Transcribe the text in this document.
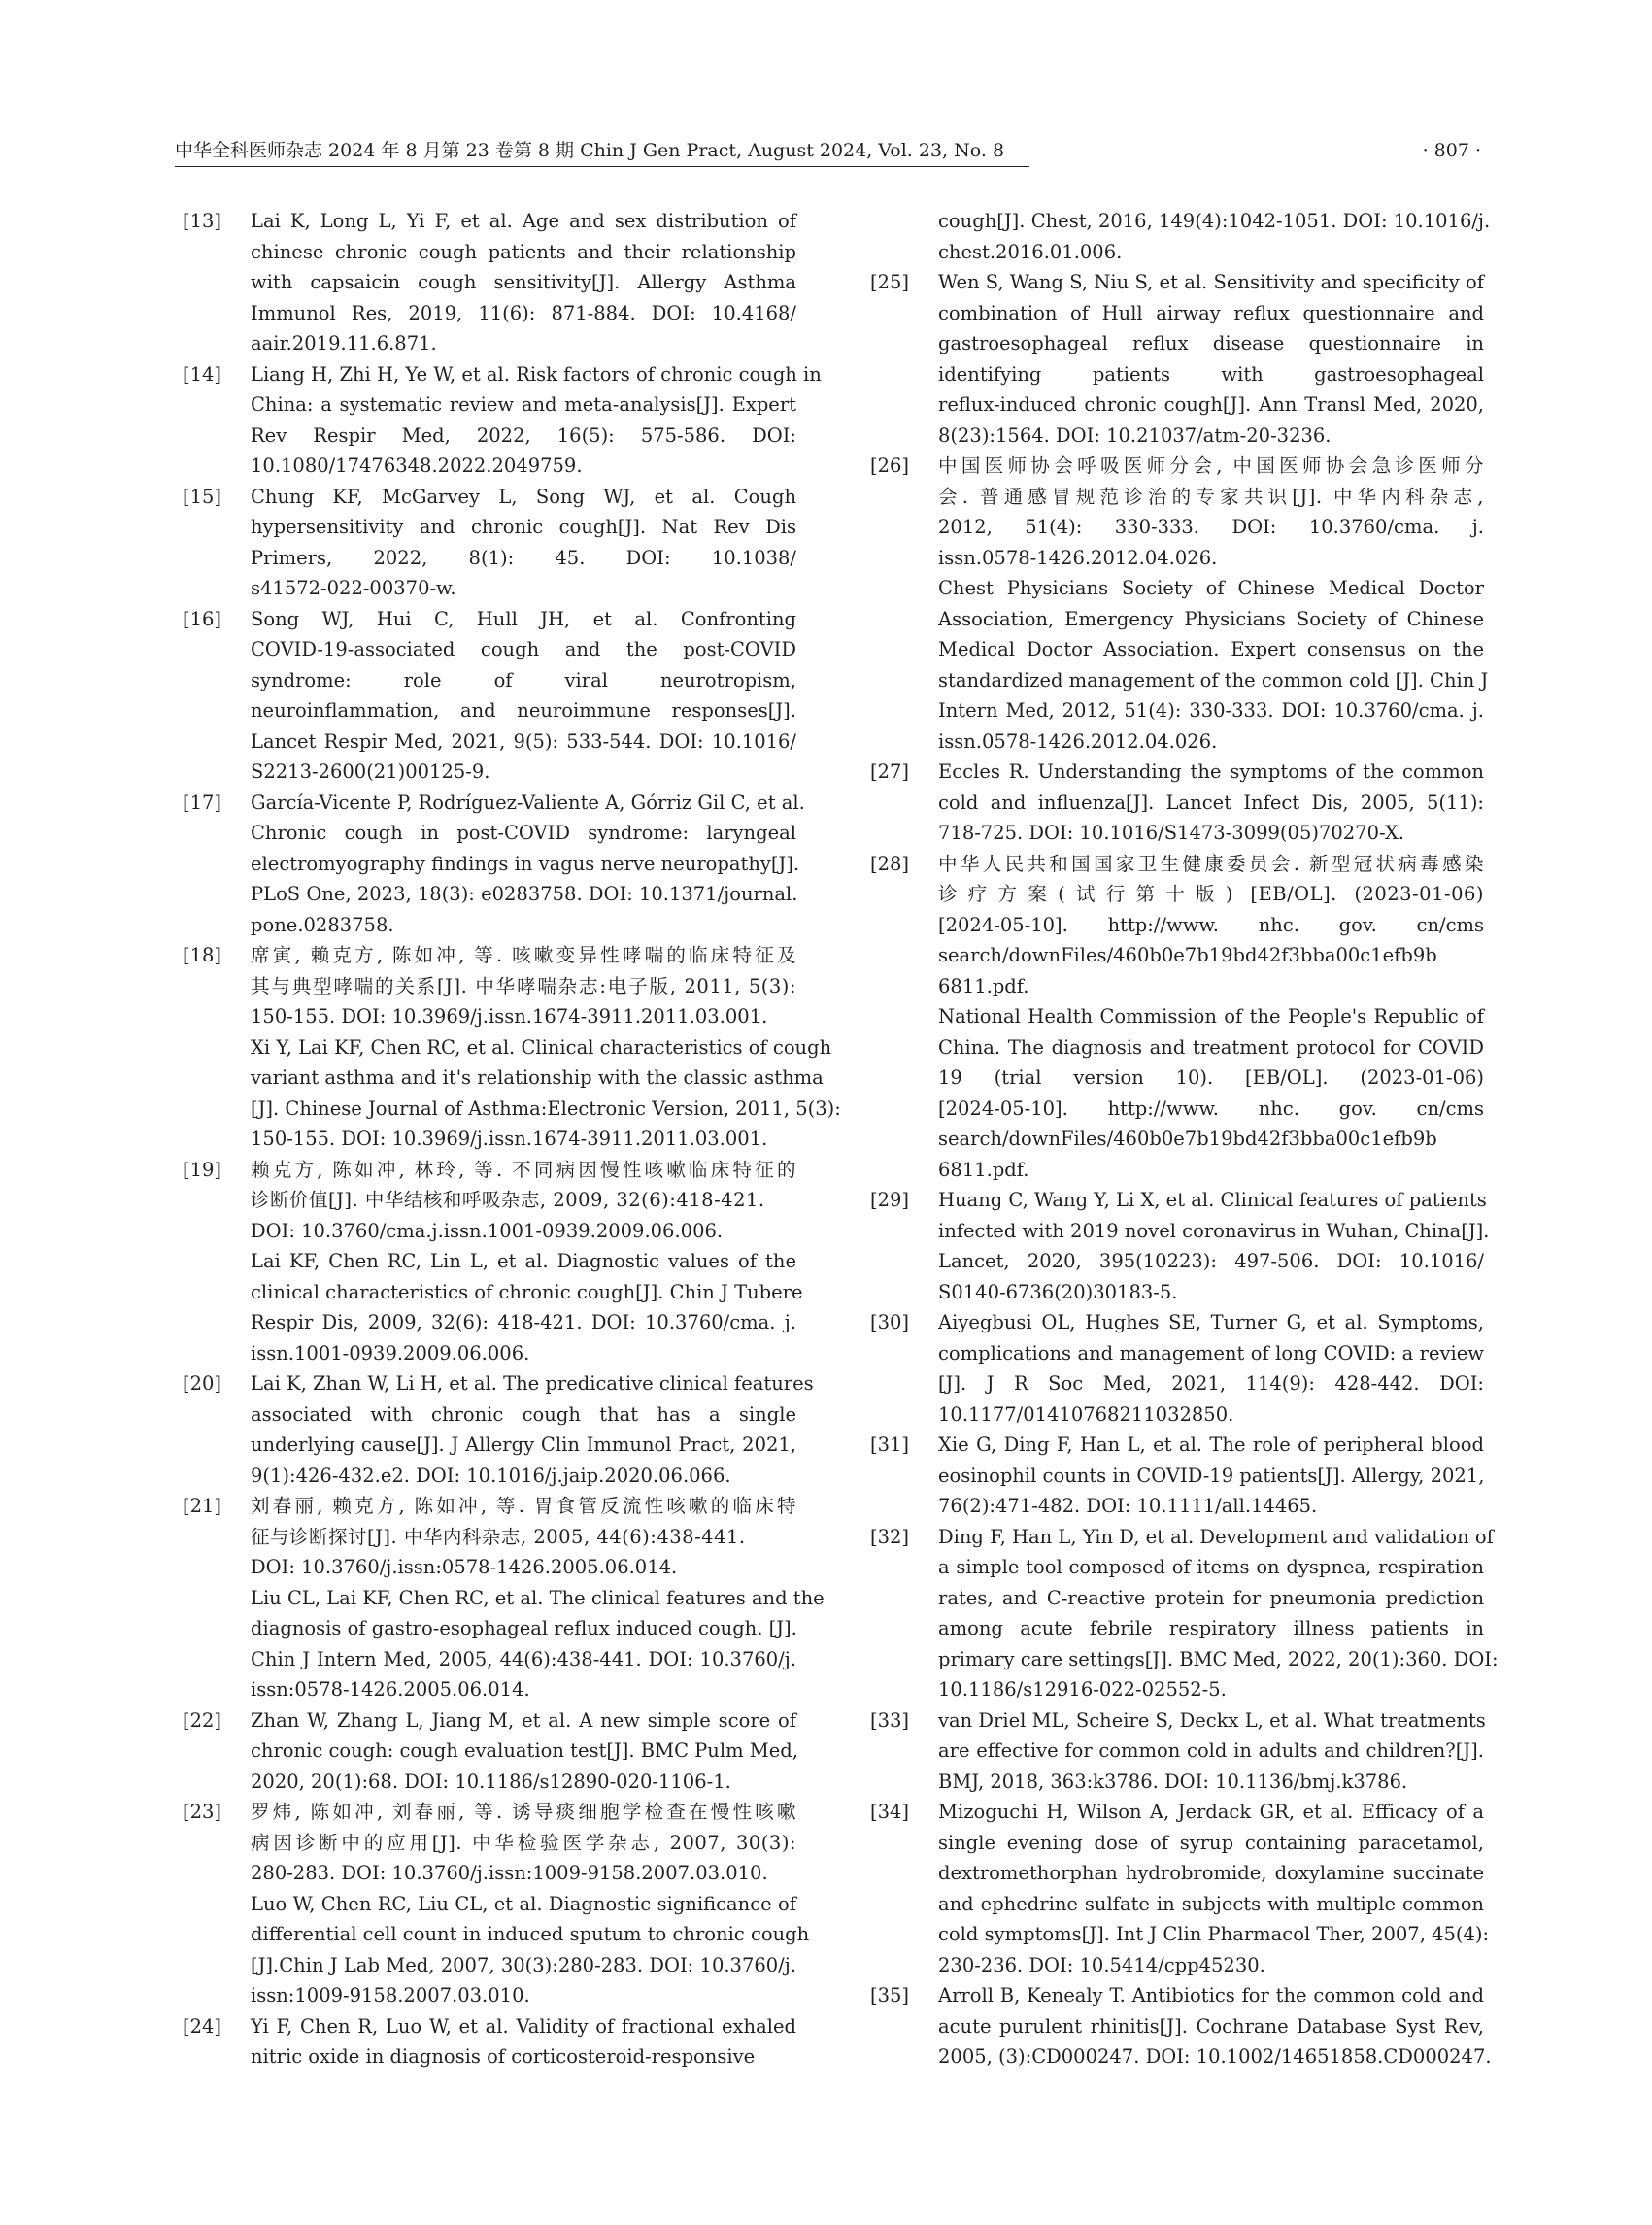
中华全科医师杂志 2024 年 8 月第 23 卷第 8 期 Chin J Gen Pract, August 2024, Vol. 23, No. 8	· 807 ·
[13] Lai K, Long L, Yi F, et al. Age and sex distribution of
chinese chronic cough patients and their relationship
with capsaicin cough sensitivity[J]. Allergy Asthma
Immunol Res, 2019, 11(6): 871-884. DOI: 10.4168/
aair.2019.11.6.871.
[14] Liang H, Zhi H, Ye W, et al. Risk factors of chronic cough in
China: a systematic review and meta-analysis[J]. Expert
Rev Respir Med, 2022, 16(5): 575-586. DOI:
10.1080/17476348.2022.2049759.
[15] Chung KF, McGarvey L, Song WJ, et al. Cough
hypersensitivity and chronic cough[J]. Nat Rev Dis
Primers, 2022, 8(1): 45. DOI: 10.1038/
s41572-022-00370-w.
[16] Song WJ, Hui C, Hull JH, et al. Confronting
COVID-19-associated cough and the post-COVID
syndrome: role of viral neurotropism,
neuroinflammation, and neuroimmune responses[J].
Lancet Respir Med, 2021, 9(5): 533-544. DOI: 10.1016/
S2213-2600(21)00125-9.
[17] García-Vicente P, Rodríguez-Valiente A, Górriz Gil C, et al.
Chronic cough in post-COVID syndrome: laryngeal
electromyography findings in vagus nerve neuropathy[J].
PLoS One, 2023, 18(3): e0283758. DOI: 10.1371/journal.
pone.0283758.
[18] 席寅, 赖克方, 陈如冲, 等. 咳嗽变异性哮喘的临床特征及
其与典型哮喘的关系[J]. 中华哮喘杂志:电子版, 2011, 5(3):
150-155. DOI: 10.3969/j.issn.1674-3911.2011.03.001.
Xi Y, Lai KF, Chen RC, et al. Clinical characteristics of cough
variant asthma and it's relationship with the classic asthma
[J]. Chinese Journal of Asthma:Electronic Version, 2011, 5(3):
150-155. DOI: 10.3969/j.issn.1674-3911.2011.03.001.
[19] 赖克方, 陈如冲, 林玲, 等. 不同病因慢性咳嗽临床特征的
诊断价值[J]. 中华结核和呼吸杂志, 2009, 32(6):418-421.
DOI: 10.3760/cma.j.issn.1001-0939.2009.06.006.
Lai KF, Chen RC, Lin L, et al. Diagnostic values of the
clinical characteristics of chronic cough[J]. Chin J Tubere
Respir Dis, 2009, 32(6): 418-421. DOI: 10.3760/cma. j.
issn.1001-0939.2009.06.006.
[20] Lai K, Zhan W, Li H, et al. The predicative clinical features
associated with chronic cough that has a single
underlying cause[J]. J Allergy Clin Immunol Pract, 2021,
9(1):426-432.e2. DOI: 10.1016/j.jaip.2020.06.066.
[21] 刘春丽, 赖克方, 陈如冲, 等. 胃食管反流性咳嗽的临床特
征与诊断探讨[J]. 中华内科杂志, 2005, 44(6):438-441.
DOI: 10.3760/j.issn:0578-1426.2005.06.014.
Liu CL, Lai KF, Chen RC, et al. The clinical features and the
diagnosis of gastro-esophageal reflux induced cough. [J].
Chin J Intern Med, 2005, 44(6):438-441. DOI: 10.3760/j.
issn:0578-1426.2005.06.014.
[22] Zhan W, Zhang L, Jiang M, et al. A new simple score of
chronic cough: cough evaluation test[J]. BMC Pulm Med,
2020, 20(1):68. DOI: 10.1186/s12890-020-1106-1.
[23] 罗炜, 陈如冲, 刘春丽, 等. 诱导痰细胞学检查在慢性咳嗽
病因诊断中的应用[J]. 中华检验医学杂志, 2007, 30(3):
280-283. DOI: 10.3760/j.issn:1009-9158.2007.03.010.
Luo W, Chen RC, Liu CL, et al. Diagnostic significance of
differential cell count in induced sputum to chronic cough
[J].Chin J Lab Med, 2007, 30(3):280-283. DOI: 10.3760/j.
issn:1009-9158.2007.03.010.
[24] Yi F, Chen R, Luo W, et al. Validity of fractional exhaled
nitric oxide in diagnosis of corticosteroid-responsive
cough[J]. Chest, 2016, 149(4):1042-1051. DOI: 10.1016/j.
chest.2016.01.006.
[25] Wen S, Wang S, Niu S, et al. Sensitivity and specificity of
combination of Hull airway reflux questionnaire and
gastroesophageal reflux disease questionnaire in
identifying patients with gastroesophageal
reflux-induced chronic cough[J]. Ann Transl Med, 2020,
8(23):1564. DOI: 10.21037/atm-20-3236.
[26] 中国医师协会呼吸医师分会, 中国医师协会急诊医师分
会. 普通感冒规范诊治的专家共识[J]. 中华内科杂志,
2012, 51(4): 330-333. DOI: 10.3760/cma. j.
issn.0578-1426.2012.04.026.
Chest Physicians Society of Chinese Medical Doctor
Association, Emergency Physicians Society of Chinese
Medical Doctor Association. Expert consensus on the
standardized management of the common cold [J]. Chin J
Intern Med, 2012, 51(4): 330-333. DOI: 10.3760/cma. j.
issn.0578-1426.2012.04.026.
[27] Eccles R. Understanding the symptoms of the common
cold and influenza[J]. Lancet Infect Dis, 2005, 5(11):
718-725. DOI: 10.1016/S1473-3099(05)70270-X.
[28] 中华人民共和国国家卫生健康委员会. 新型冠状病毒感染
诊疗方案(试行第十版) [EB/OL]. (2023-01-06)
[2024-05-10]. http://www. nhc. gov. cn/cms
search/downFiles/460b0e7b19bd42f3bba00c1efb9b
6811.pdf.
National Health Commission of the People's Republic of
China. The diagnosis and treatment protocol for COVID
19 (trial version 10). [EB/OL]. (2023-01-06)
[2024-05-10]. http://www. nhc. gov. cn/cms
search/downFiles/460b0e7b19bd42f3bba00c1efb9b
6811.pdf.
[29] Huang C, Wang Y, Li X, et al. Clinical features of patients
infected with 2019 novel coronavirus in Wuhan, China[J].
Lancet, 2020, 395(10223): 497-506. DOI: 10.1016/
S0140-6736(20)30183-5.
[30] Aiyegbusi OL, Hughes SE, Turner G, et al. Symptoms,
complications and management of long COVID: a review
[J]. J R Soc Med, 2021, 114(9): 428-442. DOI:
10.1177/01410768211032850.
[31] Xie G, Ding F, Han L, et al. The role of peripheral blood
eosinophil counts in COVID-19 patients[J]. Allergy, 2021,
76(2):471-482. DOI: 10.1111/all.14465.
[32] Ding F, Han L, Yin D, et al. Development and validation of
a simple tool composed of items on dyspnea, respiration
rates, and C-reactive protein for pneumonia prediction
among acute febrile respiratory illness patients in
primary care settings[J]. BMC Med, 2022, 20(1):360. DOI:
10.1186/s12916-022-02552-5.
[33] van Driel ML, Scheire S, Deckx L, et al. What treatments
are effective for common cold in adults and children?[J].
BMJ, 2018, 363:k3786. DOI: 10.1136/bmj.k3786.
[34] Mizoguchi H, Wilson A, Jerdack GR, et al. Efficacy of a
single evening dose of syrup containing paracetamol,
dextromethorphan hydrobromide, doxylamine succinate
and ephedrine sulfate in subjects with multiple common
cold symptoms[J]. Int J Clin Pharmacol Ther, 2007, 45(4):
230-236. DOI: 10.5414/cpp45230.
[35] Arroll B, Kenealy T. Antibiotics for the common cold and
acute purulent rhinitis[J]. Cochrane Database Syst Rev,
2005, (3):CD000247. DOI: 10.1002/14651858.CD000247.
